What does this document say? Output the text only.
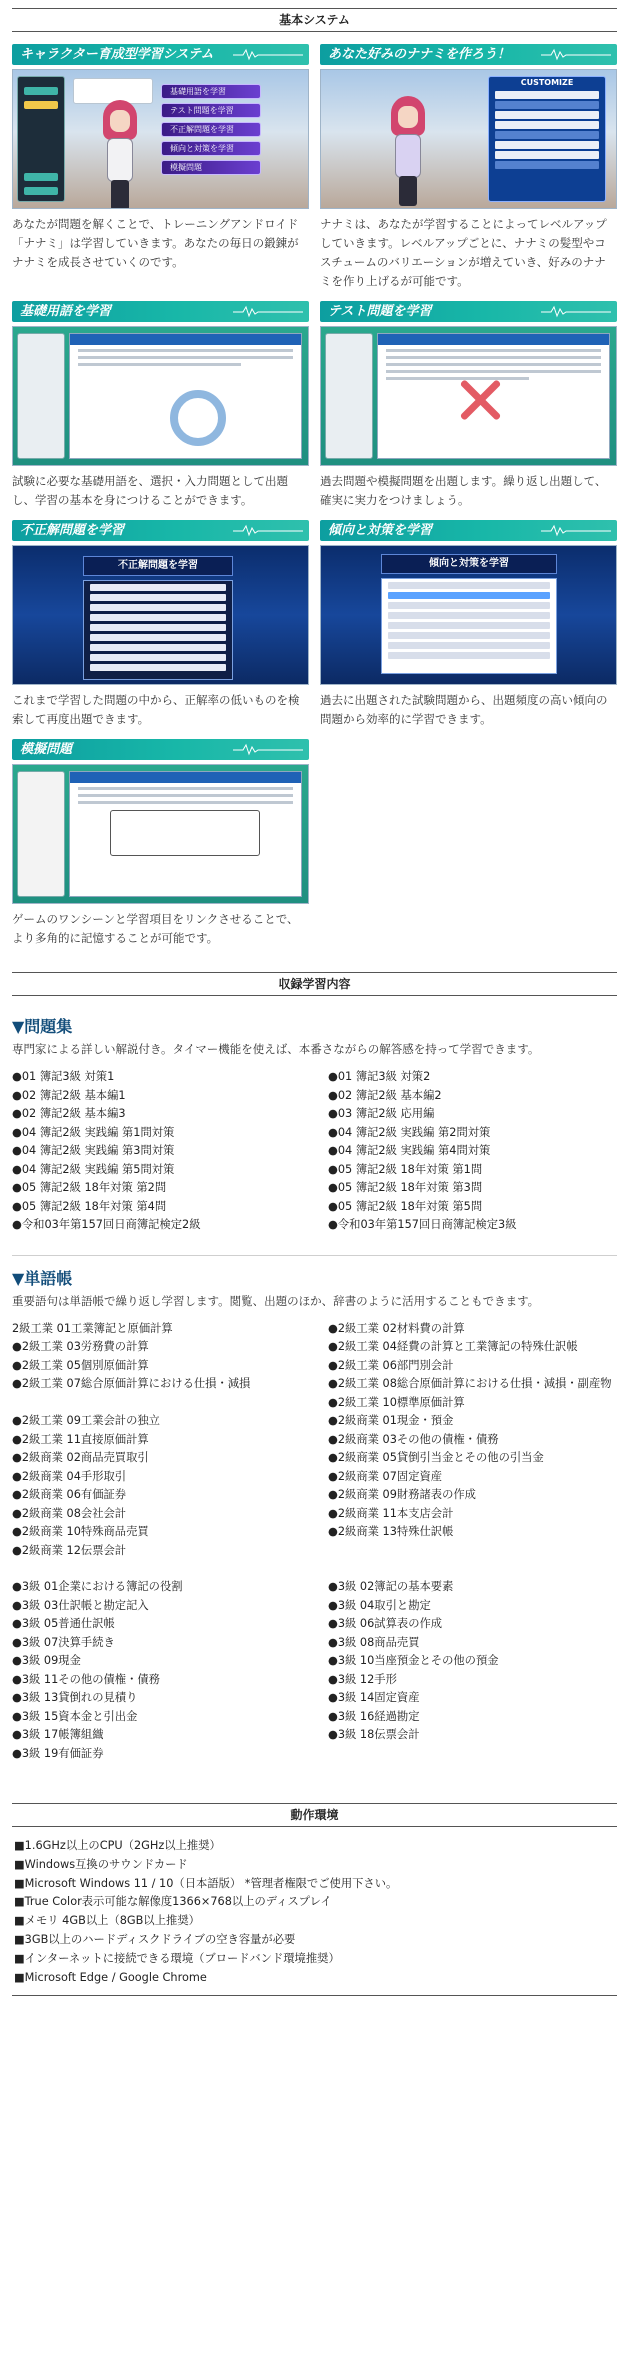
基本システム
キャラクター育成型学習システム
基礎用語を学習
テスト問題を学習
不正解問題を学習
傾向と対策を学習
模擬問題
あなたが問題を解くことで、トレーニングアンドロイド「ナナミ」は学習していきます。あなたの毎日の鍛錬がナナミを成長させていくのです。
あなた好みのナナミを作ろう！
CUSTOMIZE
ナナミは、あなたが学習することによってレベルアップしていきます。レベルアップごとに、ナナミの髪型やコスチュームのバリエーションが増えていき、好みのナナミを作り上げるが可能です。
基礎用語を学習
試験に必要な基礎用語を、選択・入力問題として出題し、学習の基本を身につけることができます。
テスト問題を学習
過去問題や模擬問題を出題します。繰り返し出題して、確実に実力をつけましょう。
不正解問題を学習
不正解問題を学習
これまで学習した問題の中から、正解率の低いものを検索して再度出題できます。
傾向と対策を学習
傾向と対策を学習
過去に出題された試験問題から、出題頻度の高い傾向の問題から効率的に学習できます。
模擬問題
ゲームのワンシーンと学習項目をリンクさせることで、より多角的に記憶することが可能です。
収録学習内容
▼問題集
専門家による詳しい解説付き。タイマー機能を使えば、本番さながらの解答感を持って学習できます。
●01 簿記3級 対策1
●02 簿記2級 基本編1
●02 簿記2級 基本編3
●04 簿記2級 実践編 第1問対策
●04 簿記2級 実践編 第3問対策
●04 簿記2級 実践編 第5問対策
●05 簿記2級 18年対策 第2問
●05 簿記2級 18年対策 第4問
●令和03年第157回日商簿記検定2級
●01 簿記3級 対策2
●02 簿記2級 基本編2
●03 簿記2級 応用編
●04 簿記2級 実践編 第2問対策
●04 簿記2級 実践編 第4問対策
●05 簿記2級 18年対策 第1問
●05 簿記2級 18年対策 第3問
●05 簿記2級 18年対策 第5問
●令和03年第157回日商簿記検定3級
▼単語帳
重要語句は単語帳で繰り返し学習します。閲覧、出題のほか、辞書のように活用することもできます。
2級工業 01工業簿記と原価計算
●2級工業 03労務費の計算
●2級工業 05個別原価計算
●2級工業 07総合原価計算における仕損・減損
●2級工業 09工業会計の独立
●2級工業 11直接原価計算
●2級商業 02商品売買取引
●2級商業 04手形取引
●2級商業 06有価証券
●2級商業 08会社会計
●2級商業 10特殊商品売買
●2級商業 12伝票会計
●2級工業 02材料費の計算
●2級工業 04経費の計算と工業簿記の特殊仕訳帳
●2級工業 06部門別会計
●2級工業 08総合原価計算における仕損・減損・副産物
●2級工業 10標準原価計算
●2級商業 01現金・預金
●2級商業 03その他の債権・債務
●2級商業 05貸倒引当金とその他の引当金
●2級商業 07固定資産
●2級商業 09財務諸表の作成
●2級商業 11本支店会計
●2級商業 13特殊仕訳帳
●3級 01企業における簿記の役割
●3級 03仕訳帳と勘定記入
●3級 05普通仕訳帳
●3級 07決算手続き
●3級 09現金
●3級 11その他の債権・債務
●3級 13貸倒れの見積り
●3級 15資本金と引出金
●3級 17帳簿組織
●3級 19有価証券
●3級 02簿記の基本要素
●3級 04取引と勘定
●3級 06試算表の作成
●3級 08商品売買
●3級 10当座預金とその他の預金
●3級 12手形
●3級 14固定資産
●3級 16経過勘定
●3級 18伝票会計
動作環境
■1.6GHz以上のCPU（2GHz以上推奨）
■Windows互換のサウンドカード
■Microsoft Windows 11 / 10（日本語版） *管理者権限でご使用下さい。
■True Color表示可能な解像度1366×768以上のディスプレイ
■メモリ 4GB以上（8GB以上推奨）
■3GB以上のハードディスクドライブの空き容量が必要
■インターネットに接続できる環境（ブロードバンド環境推奨）
■Microsoft Edge / Google Chrome
